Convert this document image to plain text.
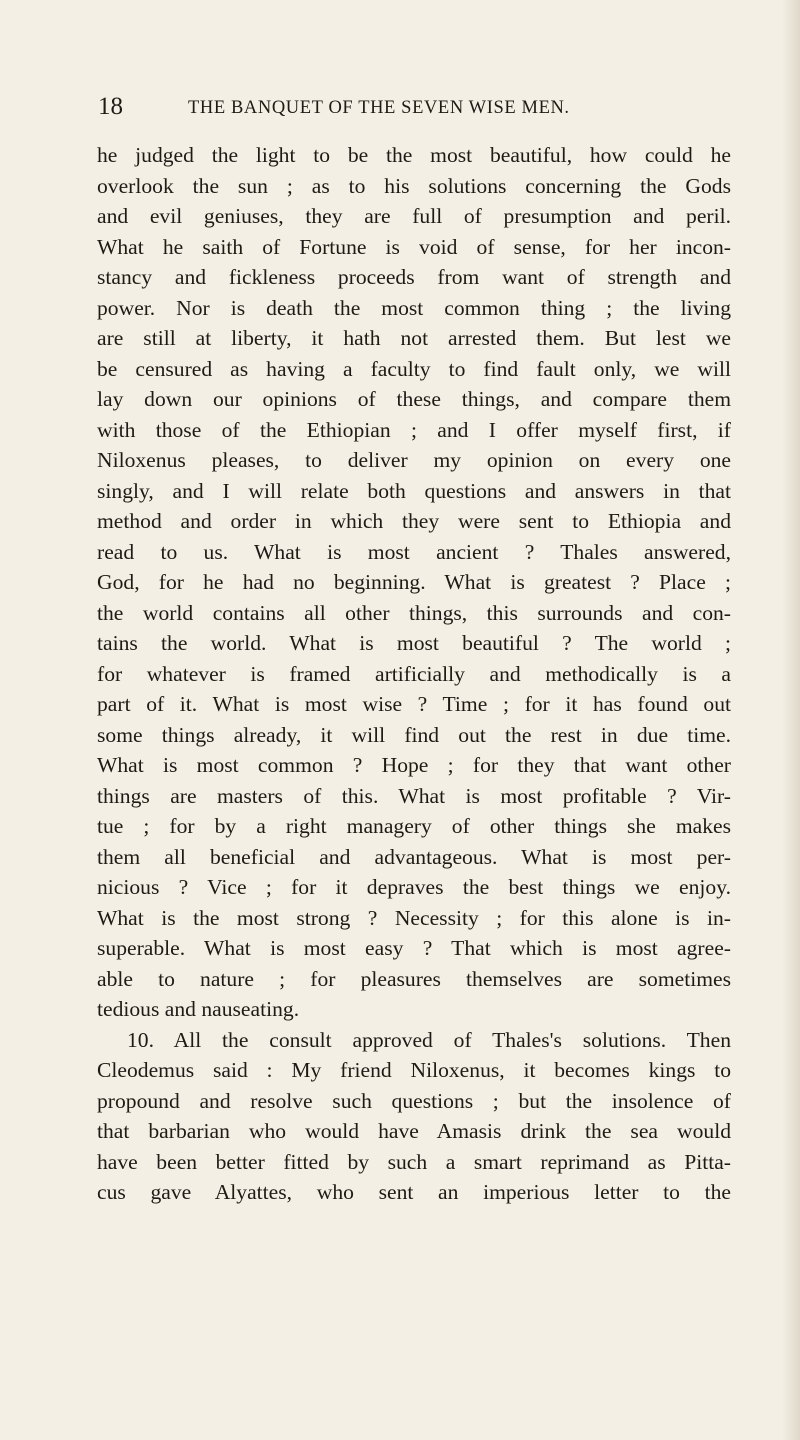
18	THE BANQUET OF THE SEVEN WISE MEN.
he judged the light to be the most beautiful, how could he
overlook the sun ; as to his solutions concerning the Gods
and evil geniuses, they are full of presumption and peril.
What he saith of Fortune is void of sense, for her incon-
stancy and fickleness proceeds from want of strength and
power. Nor is death the most common thing ; the living
are still at liberty, it hath not arrested them. But lest we
be censured as having a faculty to find fault only, we will
lay down our opinions of these things, and compare them
with those of the Ethiopian ; and I offer myself first, if
Niloxenus pleases, to deliver my opinion on every one
singly, and I will relate both questions and answers in that
method and order in which they were sent to Ethiopia and
read to us. What is most ancient ? Thales answered,
God, for he had no beginning. What is greatest ? Place ;
the world contains all other things, this surrounds and con-
tains the world. What is most beautiful ? The world ;
for whatever is framed artificially and methodically is a
part of it. What is most wise ? Time ; for it has found out
some things already, it will find out the rest in due time.
What is most common ? Hope ; for they that want other
things are masters of this. What is most profitable ? Vir-
tue ; for by a right managery of other things she makes
them all beneficial and advantageous. What is most per-
nicious ? Vice ; for it depraves the best things we enjoy.
What is the most strong ? Necessity ; for this alone is in-
superable. What is most easy ? That which is most agree-
able to nature ; for pleasures themselves are sometimes
tedious and nauseating.
10. All the consult approved of Thales's solutions. Then
Cleodemus said : My friend Niloxenus, it becomes kings to
propound and resolve such questions ; but the insolence of
that barbarian who would have Amasis drink the sea would
have been better fitted by such a smart reprimand as Pitta-
cus gave Alyattes, who sent an imperious letter to the
